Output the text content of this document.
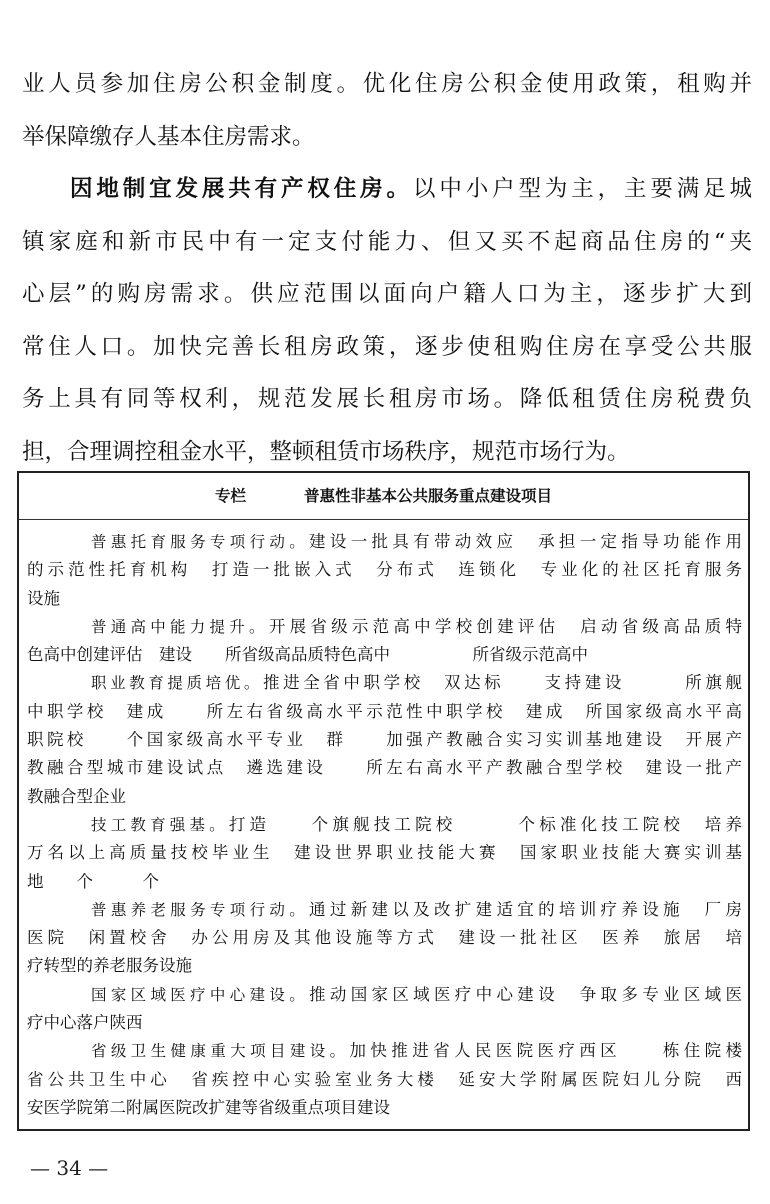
业人员参加住房公积金制度。优化住房公积金使用政策，租购并
举保障缴存人基本住房需求。
因地制宜发展共有产权住房。以中小户型为主，主要满足城
镇家庭和新市民中有一定支付能力、但又买不起商品住房的“夹
心层”的购房需求。供应范围以面向户籍人口为主，逐步扩大到
常住人口。加快完善长租房政策，逐步使租购住房在享受公共服
务上具有同等权利，规范发展长租房市场。降低租赁住房税费负
担，合理调控租金水平，整顿租赁市场秩序，规范市场行为。
专栏	普惠性非基本公共服务重点建设项目
普惠托育服务专项行动。建设一批具有带动效应　承担一定指导功能作用
的示范性托育机构　打造一批嵌入式　分布式　连锁化　专业化的社区托育服务
设施
普通高中能力提升。开展省级示范高中学校创建评估　启动省级高品质特
色高中创建评估　建设　　所省级高品质特色高中　　　　　所省级示范高中
职业教育提质培优。推进全省中职学校　双达标　　支持建设　　　所旗舰
中职学校　建成　　所左右省级高水平示范性中职学校　建成　所国家级高水平高
职院校　　个国家级高水平专业　群　　加强产教融合实习实训基地建设　开展产
教融合型城市建设试点　遴选建设　　所左右高水平产教融合型学校　建设一批产
教融合型企业
技工教育强基。打造　　个旗舰技工院校　　　个标准化技工院校　培养
万名以上高质量技校毕业生　建设世界职业技能大赛　国家职业技能大赛实训基
地　　个　　　个
普惠养老服务专项行动。通过新建以及改扩建适宜的培训疗养设施　厂房
医院　闲置校舍　办公用房及其他设施等方式　建设一批社区　医养　旅居　培
疗转型的养老服务设施
国家区域医疗中心建设。推动国家区域医疗中心建设　争取多专业区域医
疗中心落户陕西
省级卫生健康重大项目建设。加快推进省人民医院医疗西区　　栋住院楼
省公共卫生中心　省疾控中心实验室业务大楼　延安大学附属医院妇儿分院　西
安医学院第二附属医院改扩建等省级重点项目建设
— 34 —
